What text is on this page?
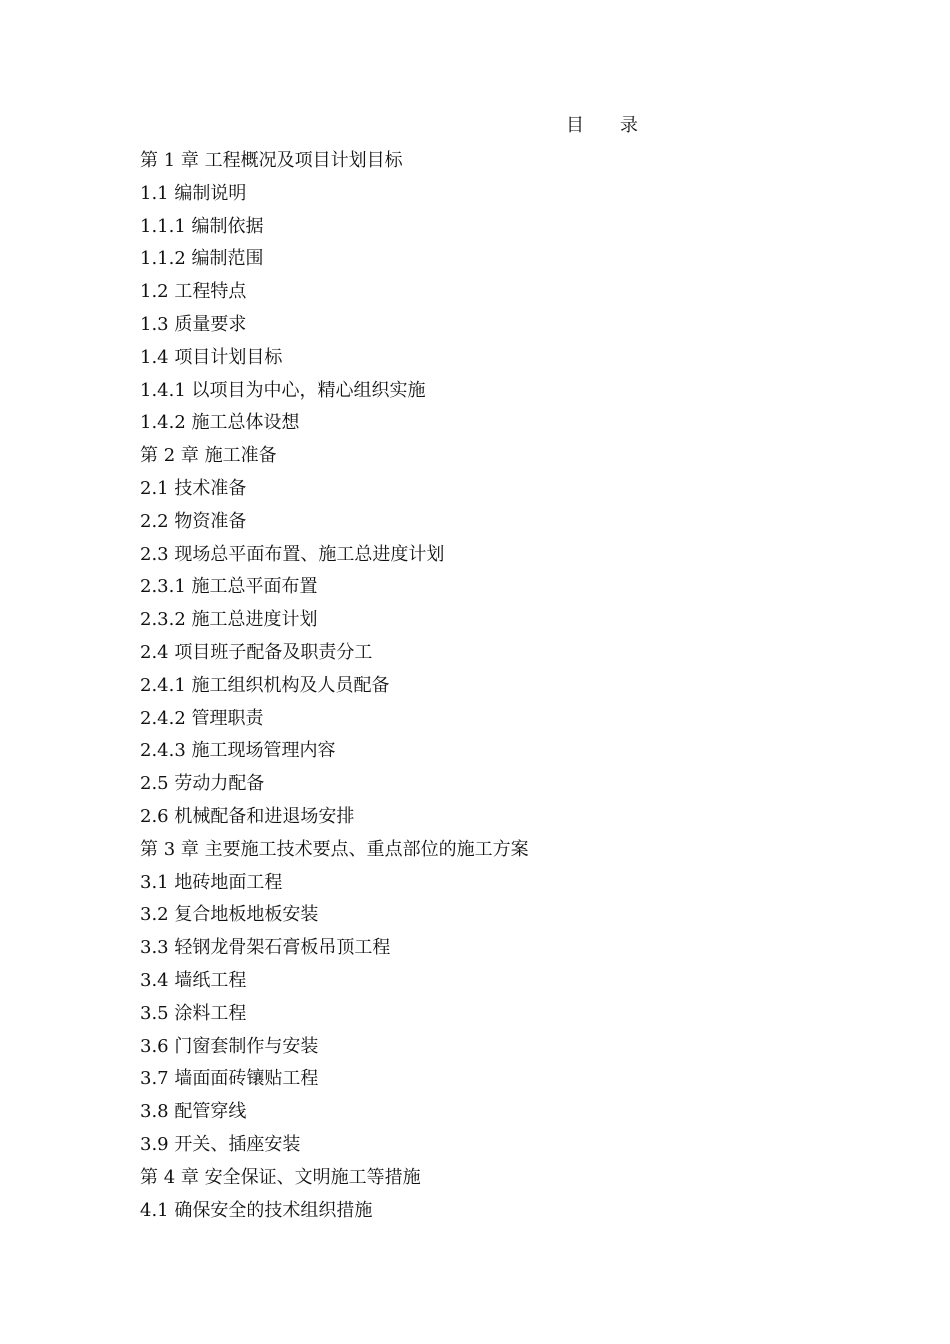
目　　录
第 1 章 工程概况及项目计划目标
1.1 编制说明
1.1.1 编制依据
1.1.2 编制范围
1.2 工程特点
1.3 质量要求
1.4 项目计划目标
1.4.1 以项目为中心，精心组织实施
1.4.2 施工总体设想
第 2 章 施工准备
2.1 技术准备
2.2 物资准备
2.3 现场总平面布置、施工总进度计划
2.3.1 施工总平面布置
2.3.2 施工总进度计划
2.4 项目班子配备及职责分工
2.4.1 施工组织机构及人员配备
2.4.2 管理职责
2.4.3 施工现场管理内容
2.5 劳动力配备
2.6 机械配备和进退场安排
第 3 章 主要施工技术要点、重点部位的施工方案
3.1 地砖地面工程
3.2 复合地板地板安装
3.3 轻钢龙骨架石膏板吊顶工程
3.4 墙纸工程
3.5 涂料工程
3.6 门窗套制作与安装
3.7 墙面面砖镶贴工程
3.8 配管穿线
3.9 开关、插座安装
第 4 章 安全保证、文明施工等措施
4.1 确保安全的技术组织措施
